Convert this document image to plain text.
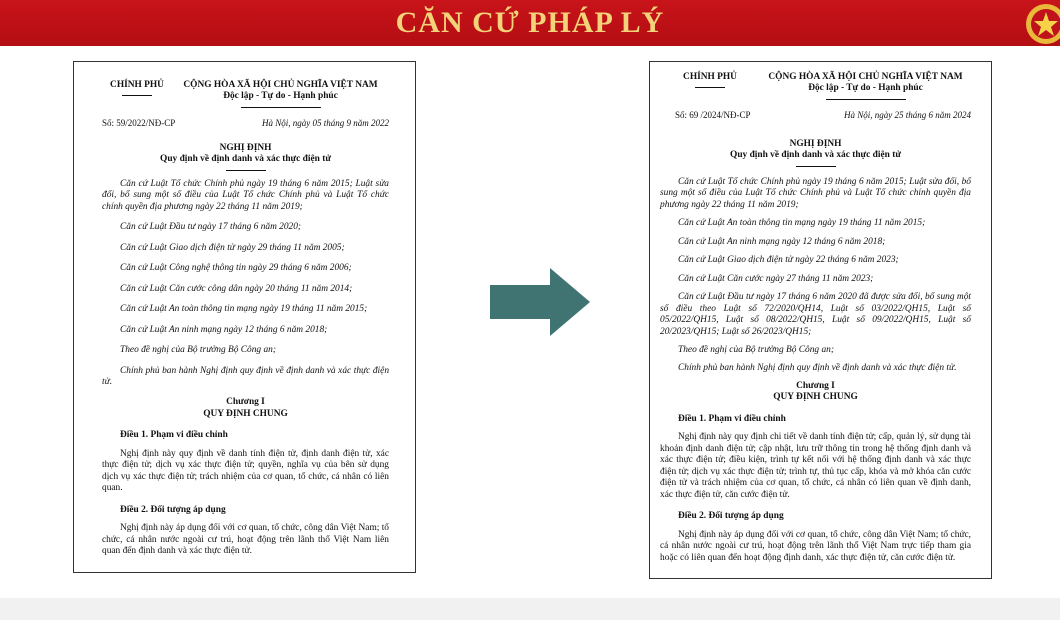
CĂN CỨ PHÁP LÝ
CHÍNH PHỦ	CỘNG HÒA XÃ HỘI CHỦ NGHĨA VIỆT NAM
Độc lập - Tự do - Hạnh phúc
Số: 59/2022/NĐ-CP	Hà Nội, ngày 05 tháng 9 năm 2022
NGHỊ ĐỊNH
Quy định về định danh và xác thực điện tử

Căn cứ Luật Tổ chức Chính phủ ngày 19 tháng 6 năm 2015; Luật sửa đổi, bổ sung một số điều của Luật Tổ chức Chính phủ và Luật Tổ chức chính quyền địa phương ngày 22 tháng 11 năm 2019;

Căn cứ Luật Đầu tư ngày 17 tháng 6 năm 2020;

Căn cứ Luật Giao dịch điện tử ngày 29 tháng 11 năm 2005;

Căn cứ Luật Công nghệ thông tin ngày 29 tháng 6 năm 2006;

Căn cứ Luật Căn cước công dân ngày 20 tháng 11 năm 2014;

Căn cứ Luật An toàn thông tin mạng ngày 19 tháng 11 năm 2015;

Căn cứ Luật An ninh mạng ngày 12 tháng 6 năm 2018;

Theo đề nghị của Bộ trưởng Bộ Công an;

Chính phủ ban hành Nghị định quy định về định danh và xác thực điện tử.

Chương I
QUY ĐỊNH CHUNG
Điều 1. Phạm vi điều chỉnh

Nghị định này quy định về danh tính điện tử, định danh điện tử, xác thực điện tử; dịch vụ xác thực điện tử; quyền, nghĩa vụ của bên sử dụng dịch vụ xác thực điện tử; trách nhiệm của cơ quan, tổ chức, cá nhân có liên quan.

Điều 2. Đối tượng áp dụng

Nghị định này áp dụng đối với cơ quan, tổ chức, công dân Việt Nam; tổ chức, cá nhân nước ngoài cư trú, hoạt động trên lãnh thổ Việt Nam liên quan đến định danh và xác thực điện tử.

CHÍNH PHỦ	CỘNG HÒA XÃ HỘI CHỦ NGHĨA VIỆT NAM
Độc lập - Tự do - Hạnh phúc
Số: 69 /2024/NĐ-CP	Hà Nội, ngày 25 tháng 6 năm 2024
NGHỊ ĐỊNH
Quy định về định danh và xác thực điện tử

Căn cứ Luật Tổ chức Chính phủ ngày 19 tháng 6 năm 2015; Luật sửa đổi, bổ sung một số điều của Luật Tổ chức Chính phủ và Luật Tổ chức chính quyền địa phương ngày 22 tháng 11 năm 2019;

Căn cứ Luật An toàn thông tin mạng ngày 19 tháng 11 năm 2015;

Căn cứ Luật An ninh mạng ngày 12 tháng 6 năm 2018;

Căn cứ Luật Giao dịch điện tử ngày 22 tháng 6 năm 2023;

Căn cứ Luật Căn cước ngày 27 tháng 11 năm 2023;

Căn cứ Luật Đầu tư ngày 17 tháng 6 năm 2020 đã được sửa đổi, bổ sung một số điều theo Luật số 72/2020/QH14, Luật số 03/2022/QH15, Luật số 05/2022/QH15, Luật số 08/2022/QH15, Luật số 09/2022/QH15, Luật số 20/2023/QH15; Luật số 26/2023/QH15;

Theo đề nghị của Bộ trưởng Bộ Công an;

Chính phủ ban hành Nghị định quy định về định danh và xác thực điện tử.

Chương I
QUY ĐỊNH CHUNG
Điều 1. Phạm vi điều chỉnh

Nghị định này quy định chi tiết về danh tính điện tử; cấp, quản lý, sử dụng tài khoản định danh điện tử; cập nhật, lưu trữ thông tin trong hệ thống định danh và xác thực điện tử; điều kiện, trình tự kết nối với hệ thống định danh và xác thực điện tử; dịch vụ xác thực điện tử; trình tự, thủ tục cấp, khóa và mở khóa căn cước điện tử và trách nhiệm của cơ quan, tổ chức, cá nhân có liên quan về định danh, xác thực điện tử, căn cước điện tử.

Điều 2. Đối tượng áp dụng

Nghị định này áp dụng đối với cơ quan, tổ chức, công dân Việt Nam; tổ chức, cá nhân nước ngoài cư trú, hoạt động trên lãnh thổ Việt Nam trực tiếp tham gia hoặc có liên quan đến hoạt động định danh, xác thực điện tử, căn cước điện tử.
